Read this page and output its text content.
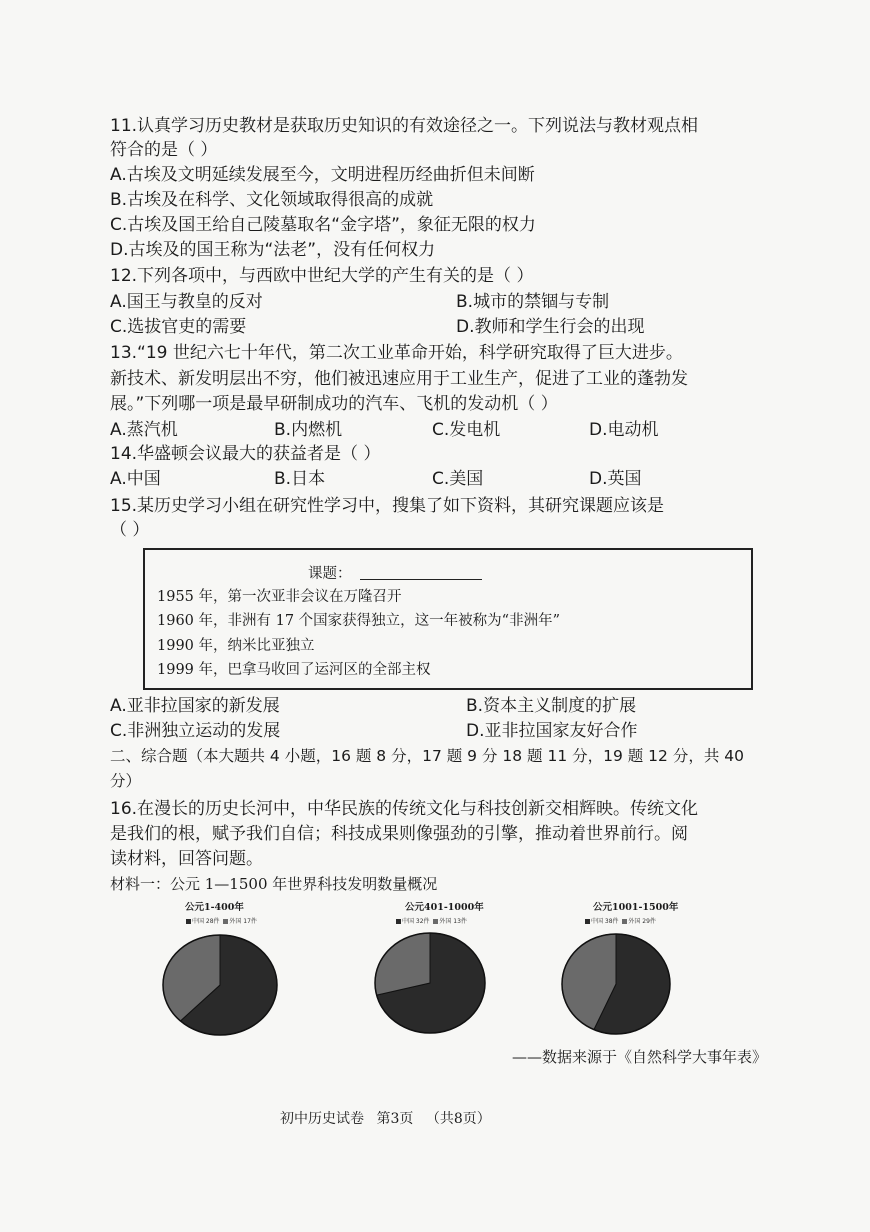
11.认真学习历史教材是获取历史知识的有效途径之一。下列说法与教材观点相
符合的是（ ）
A.古埃及文明延续发展至今，文明进程历经曲折但未间断
B.古埃及在科学、文化领域取得很高的成就
C.古埃及国王给自己陵墓取名“金字塔”，象征无限的权力
D.古埃及的国王称为“法老”，没有任何权力
12.下列各项中，与西欧中世纪大学的产生有关的是（ ）
A.国王与教皇的反对	B.城市的禁锢与专制
C.选拔官吏的需要	D.教师和学生行会的出现
13.“19 世纪六七十年代，第二次工业革命开始，科学研究取得了巨大进步。
新技术、新发明层出不穷，他们被迅速应用于工业生产，促进了工业的蓬勃发
展。”下列哪一项是最早研制成功的汽车、飞机的发动机（ ）
A.蒸汽机	B.内燃机	C.发电机	D.电动机
14.华盛顿会议最大的获益者是（ ）
A.中国	B.日本	C.美国	D.英国
15.某历史学习小组在研究性学习中，搜集了如下资料，其研究课题应该是
（ ）
课题：
1955 年，第一次亚非会议在万隆召开
1960 年，非洲有 17 个国家获得独立，这一年被称为“非洲年”
1990 年，纳米比亚独立
1999 年，巴拿马收回了运河区的全部主权
A.亚非拉国家的新发展	B.资本主义制度的扩展
C.非洲独立运动的发展	D.亚非拉国家友好合作
二、综合题（本大题共 4 小题，16 题 8 分，17 题 9 分 18 题 11 分，19 题 12 分，共 40
分）
16.在漫长的历史长河中，中华民族的传统文化与科技创新交相辉映。传统文化
是我们的根，赋予我们自信；科技成果则像强劲的引擎，推动着世界前行。阅
读材料，回答问题。
材料一：公元 1—1500 年世界科技发明数量概况
公元1-400年
中国 28件 外国 17件
公元401-1000年
中国 32件 外国 13件
公元1001-1500年
中国 38件 外国 29件
——数据来源于《自然科学大事年表》
初中历史试卷 第3页 （共8页）
